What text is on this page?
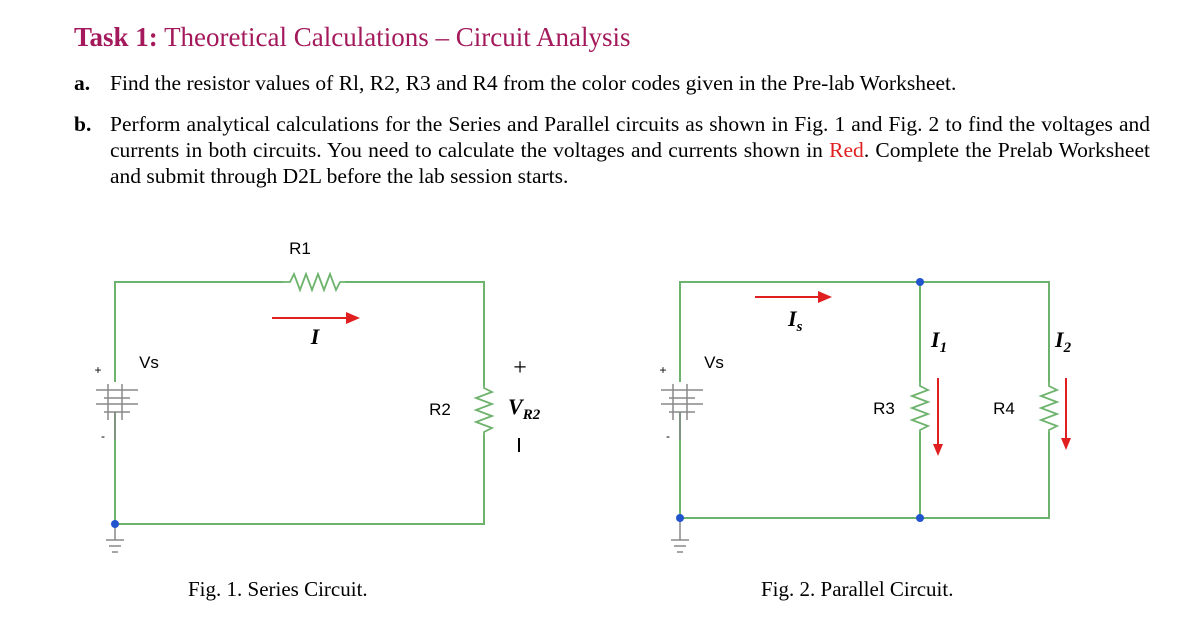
Task 1: Theoretical Calculations – Circuit Analysis
a. Find the resistor values of Rl, R2, R3 and R4 from the color codes given in the Pre-lab Worksheet.
b. Perform analytical calculations for the Series and Parallel circuits as shown in Fig. 1 and Fig. 2 to find the voltages and currents in both circuits. You need to calculate the voltages and currents shown in Red. Complete the Prelab Worksheet and submit through D2L before the lab session starts.
R1
R2
Vs
+
-
I
+
$V_{R2}$
Vs
+
-
R3	R4
$I_s$	$I_1$	$I_2$
Fig. 1. Series Circuit.	Fig. 2. Parallel Circuit.
